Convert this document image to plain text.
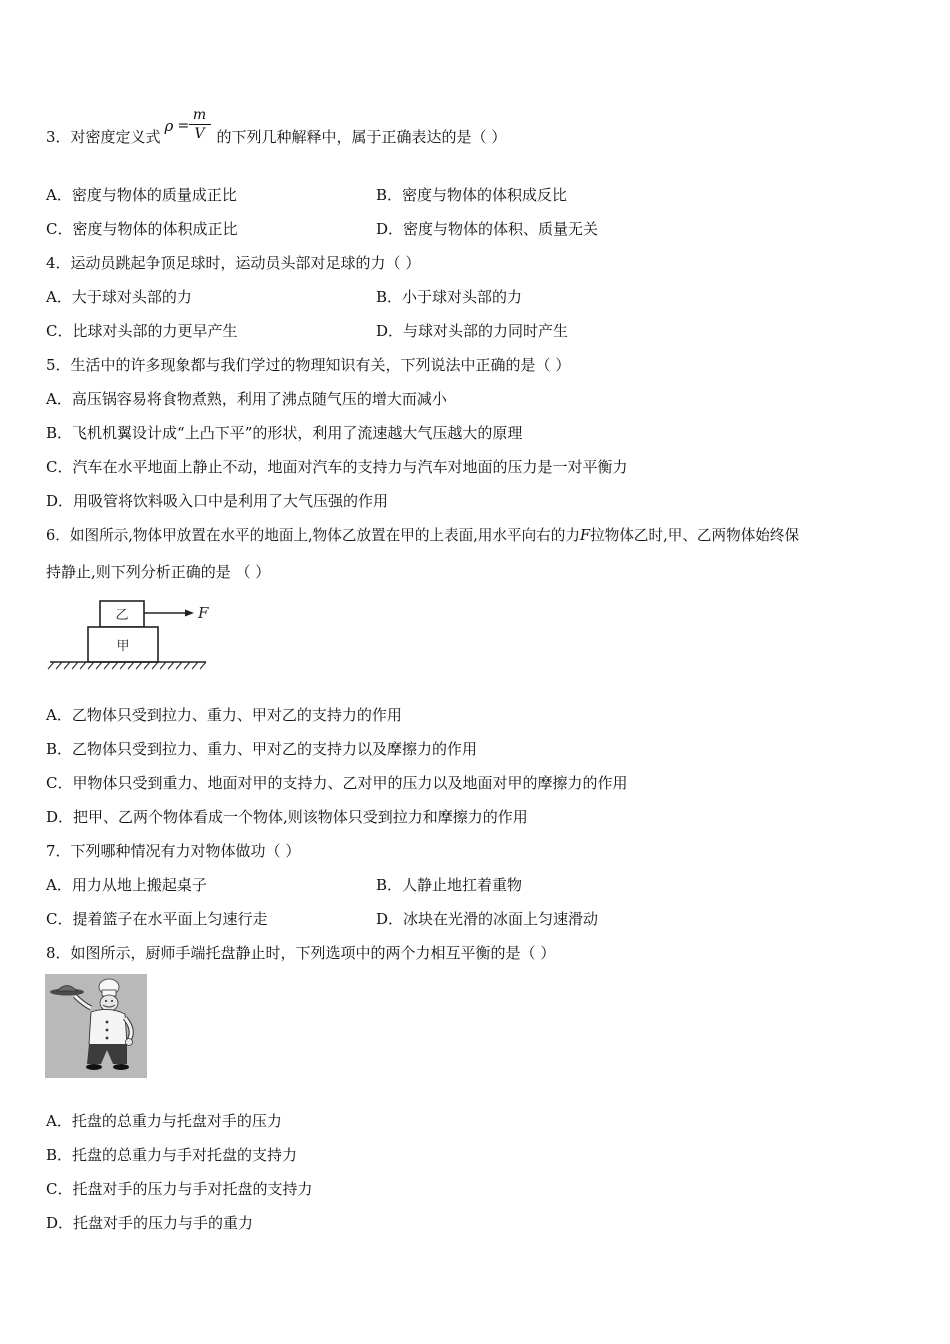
3．对密度定义式
$\rho = \frac{m}{V}$ 的下列几种解释中，属于正确表达的是（ ）
A．密度与物体的质量成正比	B．密度与物体的体积成反比
C．密度与物体的体积成正比	D．密度与物体的体积、质量无关
4．运动员跳起争顶足球时，运动员头部对足球的力（ ）
A．大于球对头部的力	B．小于球对头部的力
C．比球对头部的力更早产生	D．与球对头部的力同时产生
5．生活中的许多现象都与我们学过的物理知识有关，下列说法中正确的是（ ）
A．高压锅容易将食物煮熟，利用了沸点随气压的增大而减小
B．飞机机翼设计成“上凸下平”的形状，利用了流速越大气压越大的原理
C．汽车在水平地面上静止不动，地面对汽车的支持力与汽车对地面的压力是一对平衡力
D．用吸管将饮料吸入口中是利用了大气压强的作用
6．如图所示,物体甲放置在水平的地面上,物体乙放置在甲的上表面,用水平向右的力F拉物体乙时,甲、乙两物体始终保
持静止,则下列分析正确的是 （ ）
乙
甲
F
A．乙物体只受到拉力、重力、甲对乙的支持力的作用
B．乙物体只受到拉力、重力、甲对乙的支持力以及摩擦力的作用
C．甲物体只受到重力、地面对甲的支持力、乙对甲的压力以及地面对甲的摩擦力的作用
D．把甲、乙两个物体看成一个物体,则该物体只受到拉力和摩擦力的作用
7．下列哪种情况有力对物体做功（ ）
A．用力从地上搬起桌子	B．人静止地扛着重物
C．提着篮子在水平面上匀速行走	D．冰块在光滑的冰面上匀速滑动
8．如图所示，厨师手端托盘静止时，下列选项中的两个力相互平衡的是（ ）
A．托盘的总重力与托盘对手的压力
B．托盘的总重力与手对托盘的支持力
C．托盘对手的压力与手对托盘的支持力
D．托盘对手的压力与手的重力
